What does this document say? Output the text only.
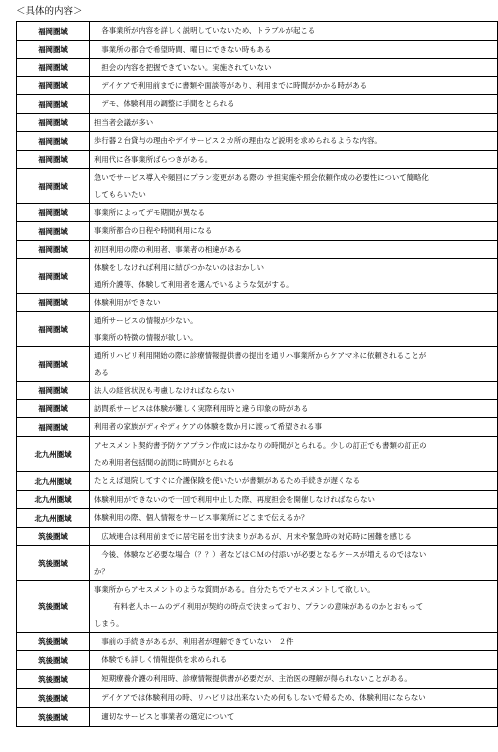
＜具体的内容＞
福岡圏域	　各事業所が内容を詳しく説明していないため、トラブルが起こる

福岡圏域	　事業所の都合で希望時間、曜日にできない時もある

福岡圏域	　担会の内容を把握できていない。実施されていない

福岡圏域	　デイケアで利用前までに書類や面談等があり、利用までに時間がかかる時がある

福岡圏域	　デモ、体験利用の調整に手間をとられる

福岡圏域	担当者会議が多い

福岡圏域	歩行器２台貸与の理由やデイサービス２カ所の理由など説明を求められるような内容。

福岡圏域	利用代に各事業所ばらつきがある。

福岡圏域	急いでサービス導入や頻回にプラン変更がある際の サ担実施や照会依頼作成の必要性について簡略化
してもらいたい

福岡圏域	事業所によってデモ期間が異なる

福岡圏域	事業所都合の日程や時間利用になる

福岡圏域	初回利用の際の利用者、事業者の相違がある

福岡圏域	体験をしなければ利用に結びつかないのはおかしい
通所介護等、体験して利用者を選んでいるような気がする。

福岡圏域	体験利用ができない

福岡圏域	通所サービスの情報が少ない。
事業所の特徴の情報が欲しい。

福岡圏域	通所リハビリ利用開始の際に診療情報提供書の提出を通リハ事業所からケアマネに依頼されることが
ある

福岡圏域	法人の経営状況も考慮しなければならない

福岡圏域	訪問系サービスは体験が難しく実際利用時と違う印象の時がある

福岡圏域	利用者の家族がディやディケアの体験を数か月に渡って希望される事

北九州圏域	アセスメント契約書予防ケアプラン作成にはかなりの時間がとられる。少しの訂正でも書類の訂正の
ため利用者包括間の訪問に時間がとられる

北九州圏域	たとえば退院してすぐに介護保険を使いたいが書類があるため手続きが遅くなる

北九州圏域	体験利用ができないので一回で利用中止した際、再度担会を開催しなければならない

北九州圏域	体験利用の際、個人情報をサービス事業所にどこまで伝えるか？

筑後圏域	　広域連合は利用前までに居宅届を出す決まりがあるが、月末や緊急時の対応時に困難を感じる

筑後圏域	　今後、体験など必要な場合（？？）者などはＣＭの付添いが必要となるケースが増えるのではない
か？

筑後圏域	事業所からアセスメントのような質問がある。自分たちでアセスメントして欲しい。
有料老人ホームのデイ利用が契約の時点で決まっており、プランの意味があるのかとおもって
しまう。

筑後圏域	　事前の手続きがあるが、利用者が理解できていない　２件

筑後圏域	　体験でも詳しく情報提供を求められる

筑後圏域	　短期療養介護の利用時、診療情報提供書が必要だが、主治医の理解が得られないことがある。

筑後圏域	　デイケアでは体験利用の時、リハビリは出来ないため何もしないで帰るため、体験利用にならない

筑後圏域	　適切なサービスと事業者の選定について
